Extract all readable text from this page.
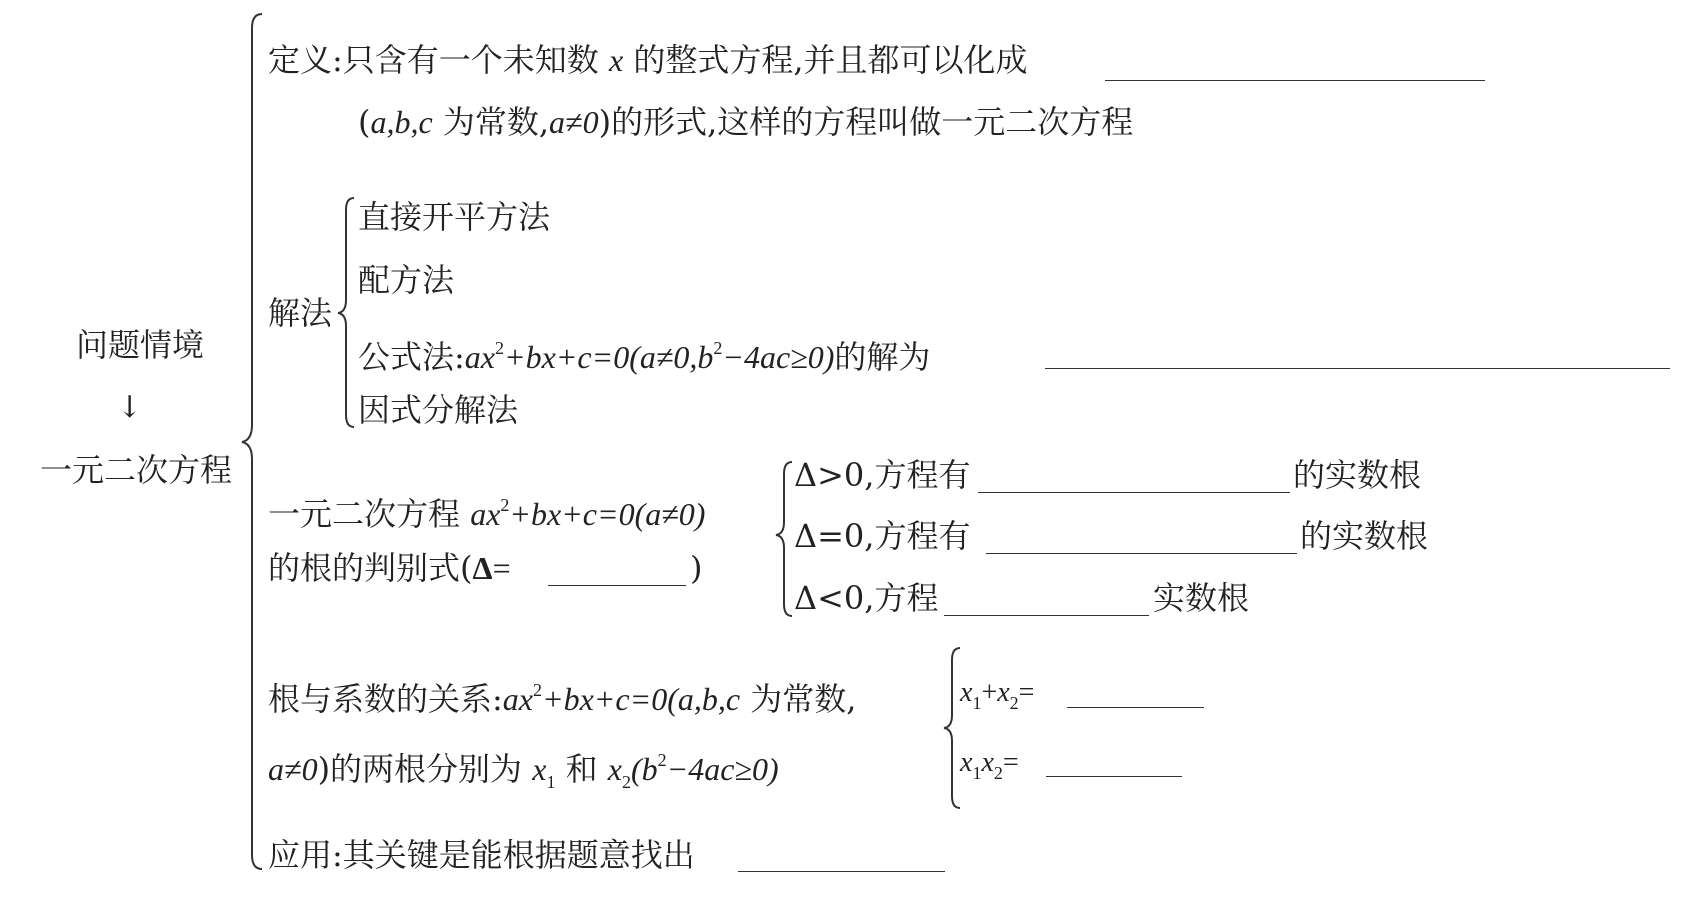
问题情境
↓
一元二次方程
定义:只含有一个未知数 x 的整式方程,并且都可以化成
(a,b,c 为常数,a≠0)的形式,这样的方程叫做一元二次方程
解法
直接开平方法
配方法
公式法$:ax^2+bx+c=0(a\ne 0,b^2-4ac\ge 0)$的解为
因式分解法
一元二次方程 $ax^2+bx+c=0(a\ne 0)$
的根的判别式(Δ=	)
Δ>0,方程有	的实数根
Δ=0,方程有	的实数根
Δ<0,方程	实数根
根与系数的关系$:ax^2+bx+c=0(a,b,c$ 为常数,
a≠0)的两根分别为 $x_1$ 和 $x_2(b^2-4ac\ge 0)$
$x_1+x_2=$
$x_1x_2=$
应用:其关键是能根据题意找出
